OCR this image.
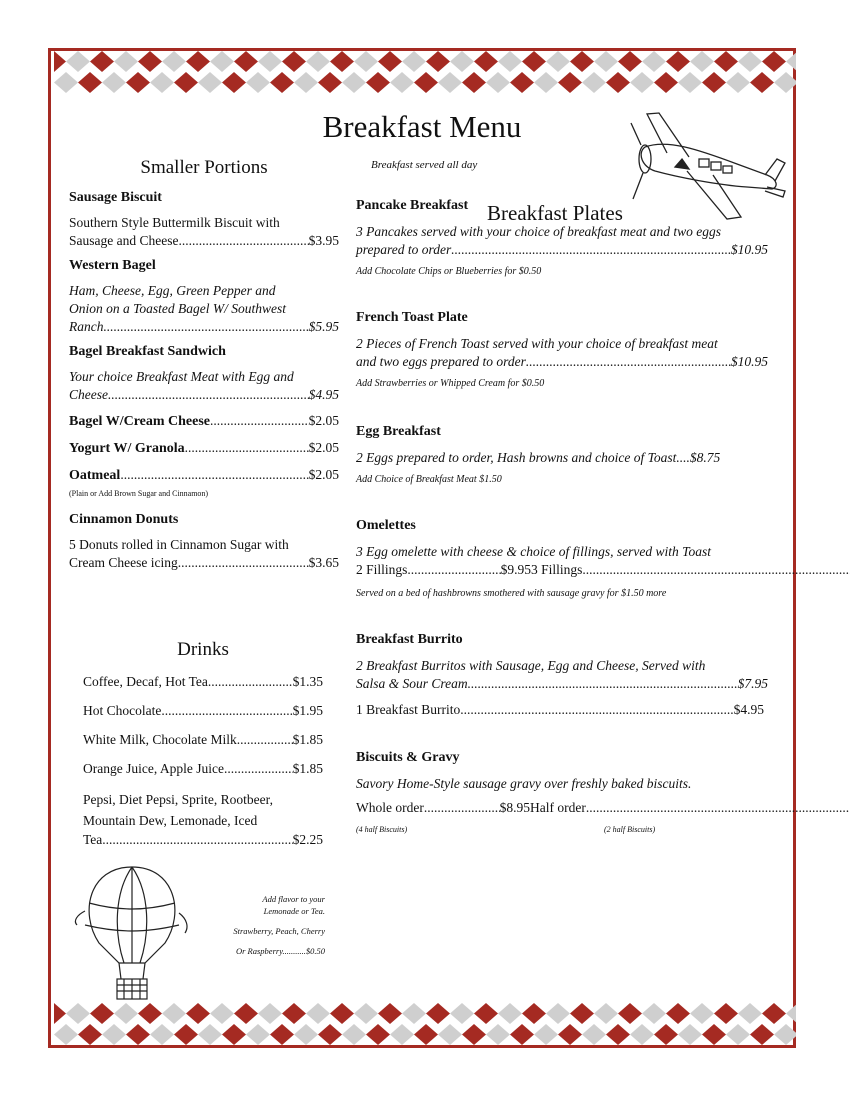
Breakfast Menu
Breakfast served all day

Smaller Portions

Sausage Biscuit

Southern Style Buttermilk Biscuit with

Sausage and Cheese .....	$3.95

Western Bagel

Ham, Cheese, Egg, Green Pepper and

Onion on a Toasted Bagel W/ Southwest

Ranch .....	$5.95

Bagel Breakfast Sandwich

Your choice Breakfast Meat with Egg and

Cheese .....	$4.95
Bagel W/Cream Cheese .....	$2.05
Yogurt W/ Granola .....	$2.05
Oatmeal .....	$2.05
(Plain or Add Brown Sugar and Cinnamon)

Cinnamon Donuts

5 Donuts rolled in Cinnamon Sugar with

Cream Cheese icing .....	$3.65

Drinks

Coffee, Decaf, Hot Tea .....	$1.35
Hot Chocolate .....	$1.95
White Milk, Chocolate Milk .....	$1.85
Orange Juice, Apple Juice .....	$1.85
Pepsi, Diet Pepsi, Sprite, Rootbeer,
Mountain Dew, Lemonade, Iced
Tea .....	$2.25
Add flavor to your
Lemonade or Tea.
Strawberry, Peach, Cherry
Or Raspberry...........$0.50

Breakfast Plates

Pancake Breakfast

3 Pancakes served with your choice of breakfast meat and two eggs

prepared to order .....	$10.95
Add Chocolate Chips or Blueberries for $0.50

French Toast Plate

2 Pieces of French Toast served with your choice of breakfast meat

and two eggs prepared to order .....	$10.95
Add Strawberries or Whipped Cream for $0.50

Egg Breakfast

2 Eggs prepared to order, Hash browns and choice of Toast....$8.75
Add Choice of Breakfast Meat $1.50

Omelettes

3 Egg omelette with cheese & choice of fillings, served with Toast

2 Fillings .....	$9.95 3 Fillings
.....
Served on a bed of hashbrowns smothered with sausage gravy for $1.50 more

Breakfast Burrito

2 Breakfast Burritos with Sausage, Egg and Cheese, Served with

Salsa & Sour Cream .....	$7.95
1 Breakfast Burrito .....	$4.95

Biscuits & Gravy

Savory Home-Style sausage gravy over freshly baked biscuits.

Whole order .....	$8.95 Half order
.....
(4 half Biscuits)	(2 half Biscuits)
